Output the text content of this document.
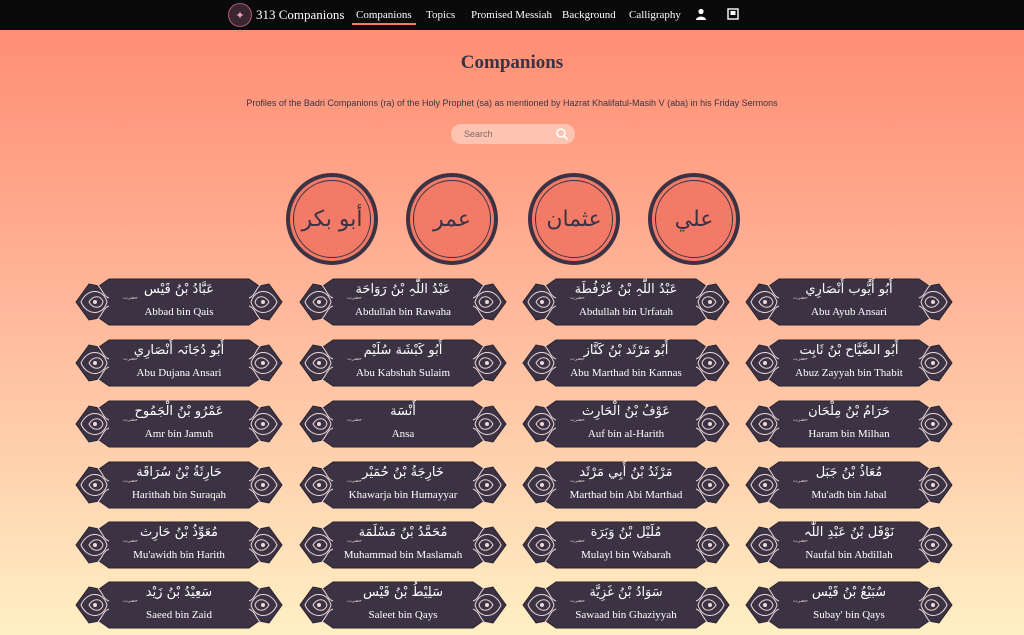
✦ 313 Companions Companions Topics Promised Messiah Background Calligraphy
Companions
Profiles of the Badri Companions (ra) of the Holy Prophet (sa) as mentioned by Hazrat Khalifatul-Masih V (aba) in his Friday Sermons
Search
أبو بكر	عمر	عثمان	علي
حضرت
عَبَّادُ بْنُ قَيْس
Abbad bin Qais
حضرت
عَبْدُ اللّٰہِ بْنُ رَوَاحَة
Abdullah bin Rawaha
حضرت
عَبْدُ اللّٰہِ بْنُ عُرْفُطَة
Abdullah bin Urfatah
حضرت
أَبُو أَيُّوب أَنْصَارِي
Abu Ayub Ansari
حضرت
أَبُو دُجَانَہ أَنْصَارِي
Abu Dujana Ansari
حضرت
أَبُو كَبْشَة سُلَيْم
Abu Kabshah Sulaim
حضرت
أَبُو مَرْثَد بْنُ كَنَّاز
Abu Marthad bin Kannas
حضرت
أَبُو الضَّيَّاح بْنُ ثَابِت
Abuz Zayyah bin Thabit
حضرت
عَمْرُو بْنُ الْجَمُوح
Amr bin Jamuh
حضرت
أَنْسَة
Ansa
حضرت
عَوْفُ بْنُ الْحَارِث
Auf bin al-Harith
حضرت
حَرَامُ بْنُ مِلْحَان
Haram bin Milhan
حضرت
حَارِثَةُ بْنُ سُرَاقَة
Harithah bin Suraqah
حضرت
خَارِجَةُ بْنُ حُمَيْر
Khawarja bin Humayyar
حضرت
مَرْثَدُ بْنُ أَبِي مَرْثَد
Marthad bin Abi Marthad
حضرت
مُعَاذُ بْنُ جَبَل
Mu'adh bin Jabal
حضرت
مُعَوِّذُ بْنُ حَارِث
Mu'awidh bin Harith
حضرت
مُحَمَّدُ بْنُ مَسْلَمَة
Muhammad bin Maslamah
حضرت
مُلَيْل بْنُ وَبَرَة
Mulayl bin Wabarah
حضرت
نَوْفَل بْنُ عَبْدِ اللّٰہ
Naufal bin Abdillah
حضرت
سَعِيْدُ بْنُ زَيْد
Saeed bin Zaid
حضرت
سَلِيْطُ بْنُ قَيْس
Saleet bin Qays
حضرت
سَوَادُ بْنُ غَزِيَّة
Sawaad bin Ghaziyyah
حضرت
سُبَيْعُ بْنُ قَيْس
Subay' bin Qays
